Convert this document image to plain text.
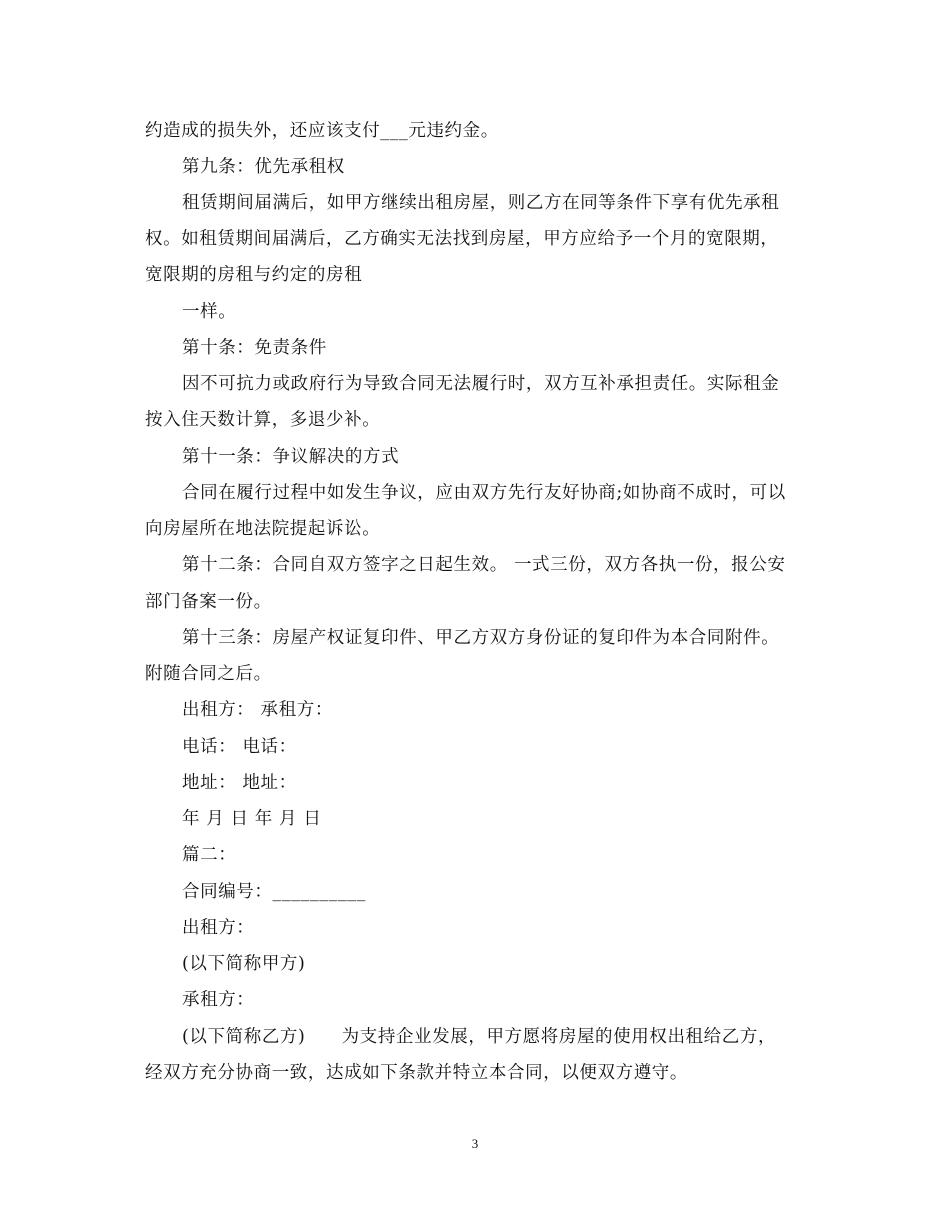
约造成的损失外，还应该支付___元违约金。
第九条：优先承租权
租赁期间届满后，如甲方继续出租房屋，则乙方在同等条件下享有优先承租
权。如租赁期间届满后，乙方确实无法找到房屋，甲方应给予一个月的宽限期，
宽限期的房租与约定的房租
一样。
第十条：免责条件
因不可抗力或政府行为导致合同无法履行时，双方互补承担责任。实际租金
按入住天数计算，多退少补。
第十一条：争议解决的方式
合同在履行过程中如发生争议，应由双方先行友好协商;如协商不成时，可以
向房屋所在地法院提起诉讼。
第十二条：合同自双方签字之日起生效。 一式三份，双方各执一份，报公安
部门备案一份。
第十三条：房屋产权证复印件、甲乙方双方身份证的复印件为本合同附件。
附随合同之后。
出租方： 承租方：
电话： 电话：
地址： 地址：
年 月 日 年 月 日
篇二：
合同编号：__________
出租方：
(以下简称甲方)
承租方：
(以下简称乙方)　　为支持企业发展，甲方愿将房屋的使用权出租给乙方，
经双方充分协商一致，达成如下条款并特立本合同，以便双方遵守。
3
